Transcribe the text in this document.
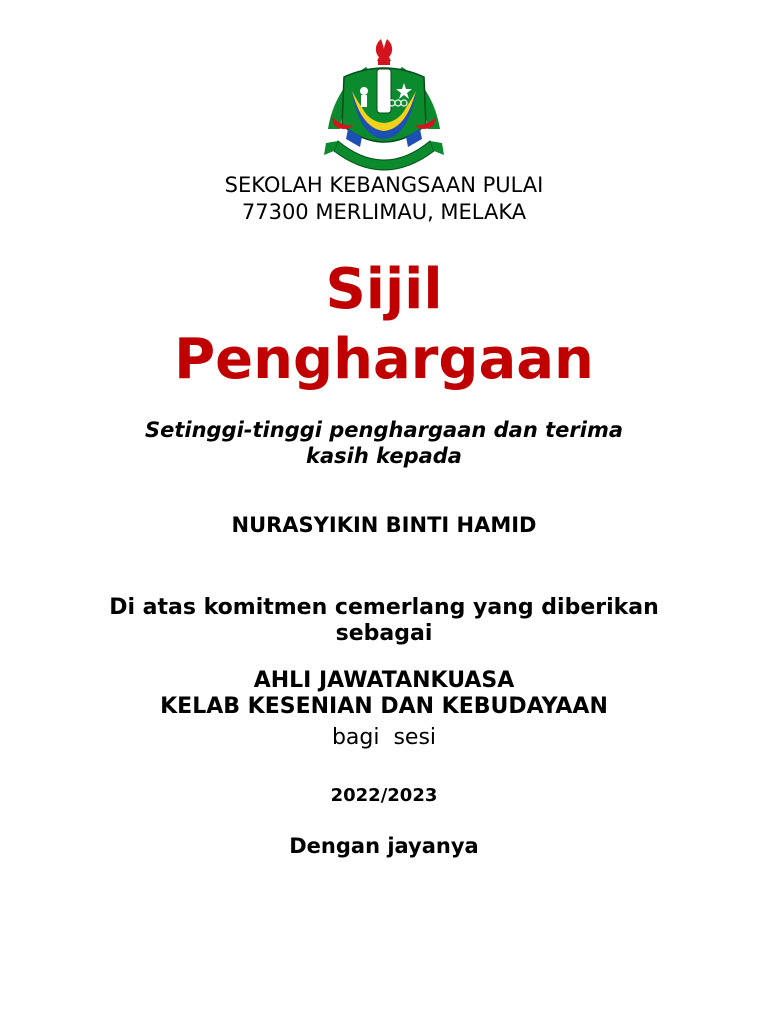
SEKOLAH KEBANGSAAN PULAI
77300 MERLIMAU, MELAKA
Sijil
Penghargaan
Setinggi-tinggi penghargaan dan terima
kasih kepada
NURASYIKIN BINTI HAMID
Di atas komitmen cemerlang yang diberikan
sebagai
AHLI JAWATANKUASA
KELAB KESENIAN DAN KEBUDAYAAN
bagi  sesi
2022/2023
Dengan jayanya
